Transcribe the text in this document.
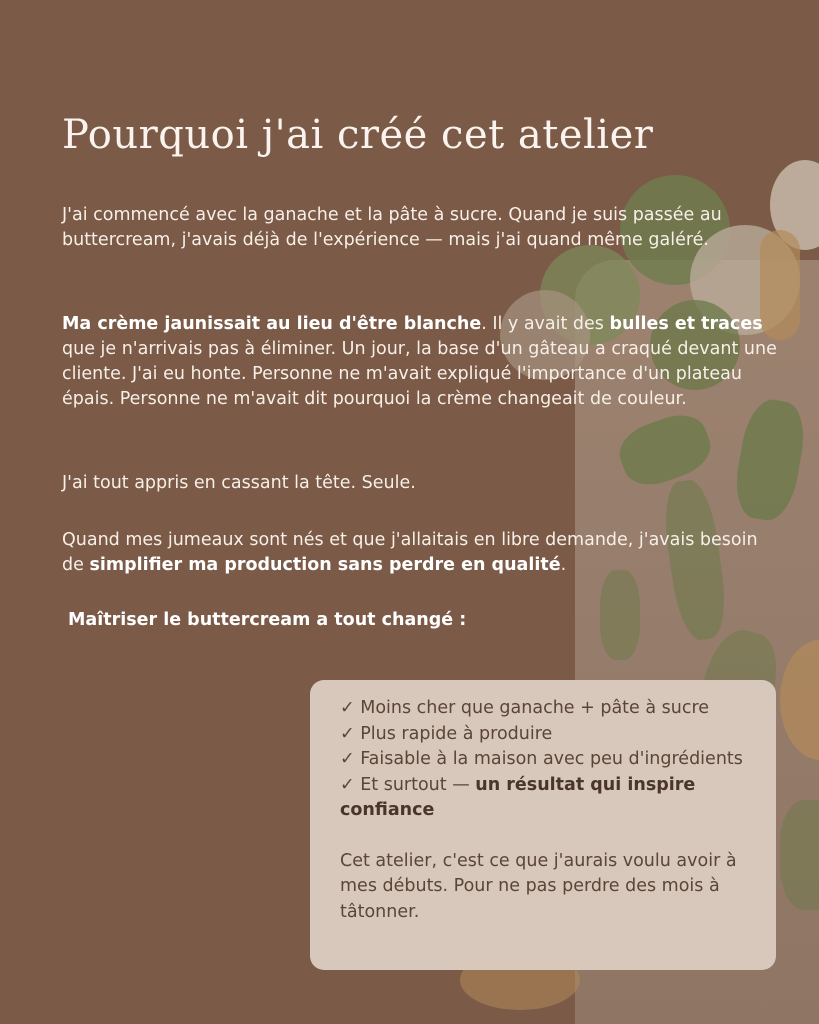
Pourquoi j'ai créé cet atelier

J'ai commencé avec la ganache et la pâte à sucre. Quand je suis passée au buttercream, j'avais déjà de l'expérience — mais j'ai quand même galéré.

Ma crème jaunissait au lieu d'être blanche. Il y avait des bulles et traces que je n'arrivais pas à éliminer. Un jour, la base d'un gâteau a craqué devant une cliente. J'ai eu honte. Personne ne m'avait expliqué l'importance d'un plateau épais. Personne ne m'avait dit pourquoi la crème changeait de couleur.

J'ai tout appris en cassant la tête. Seule.

Quand mes jumeaux sont nés et que j'allaitais en libre demande, j'avais besoin de simplifier ma production sans perdre en qualité.

Maîtriser le buttercream a tout changé :

✓ Moins cher que ganache + pâte à sucre

✓ Plus rapide à produire

✓ Faisable à la maison avec peu d'ingrédients

✓ Et surtout — un résultat qui inspire confiance

Cet atelier, c'est ce que j'aurais voulu avoir à mes débuts. Pour ne pas perdre des mois à tâtonner.
